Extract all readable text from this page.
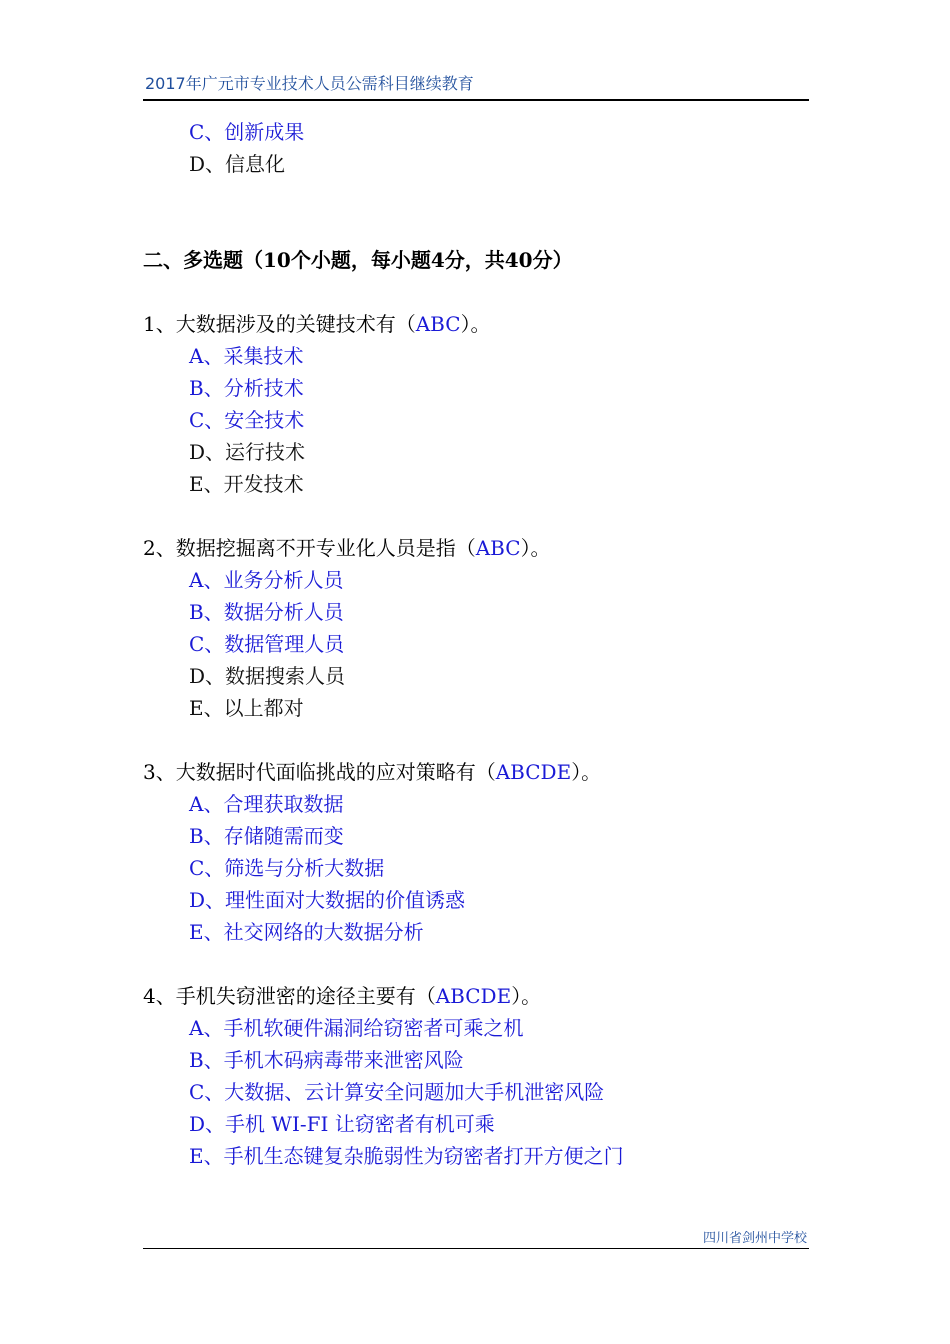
2017年广元市专业技术人员公需科目继续教育
C、创新成果
D、信息化
二、多选题（10个小题，每小题4分，共40分）
1、大数据涉及的关键技术有（ABC）。
A、采集技术
B、分析技术
C、安全技术
D、运行技术
E、开发技术
2、数据挖掘离不开专业化人员是指（ABC）。
A、业务分析人员
B、数据分析人员
C、数据管理人员
D、数据搜索人员
E、以上都对
3、大数据时代面临挑战的应对策略有（ABCDE）。
A、合理获取数据
B、存储随需而变
C、筛选与分析大数据
D、理性面对大数据的价值诱惑
E、社交网络的大数据分析
4、手机失窃泄密的途径主要有（ABCDE）。
A、手机软硬件漏洞给窃密者可乘之机
B、手机木码病毒带来泄密风险
C、大数据、云计算安全问题加大手机泄密风险
D、手机 WI-FI 让窃密者有机可乘
E、手机生态键复杂脆弱性为窃密者打开方便之门
四川省剑州中学校
